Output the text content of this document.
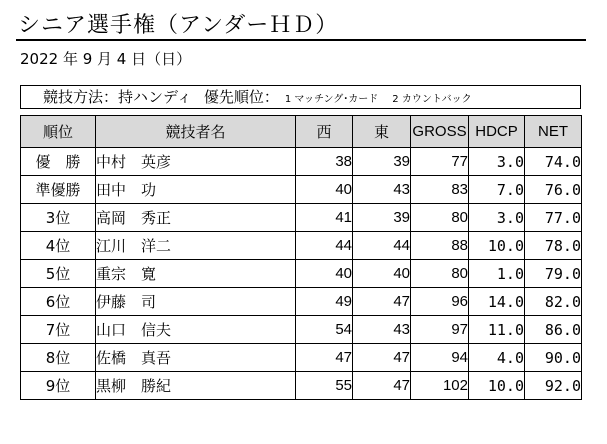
シニア選手権（アンダーＨＤ）
2022 年 9 月 4 日（日）
競技方法：持ハンディ 優先順位： 1 マッチング･カード 2 カウントバック
順位	競技者名	西	東	GROSS	HDCP	NET
優　勝	中村　英彦	38	39	77	3.0	74.0
準優勝	田中　功	40	43	83	7.0	76.0
3位	高岡　秀正	41	39	80	3.0	77.0
4位	江川　洋二	44	44	88	10.0	78.0
5位	重宗　寛	40	40	80	1.0	79.0
6位	伊藤　司	49	47	96	14.0	82.0
7位	山口　信夫	54	43	97	11.0	86.0
8位	佐橋　真吾	47	47	94	4.0	90.0
9位	黒柳　勝紀	55	47	102	10.0	92.0
